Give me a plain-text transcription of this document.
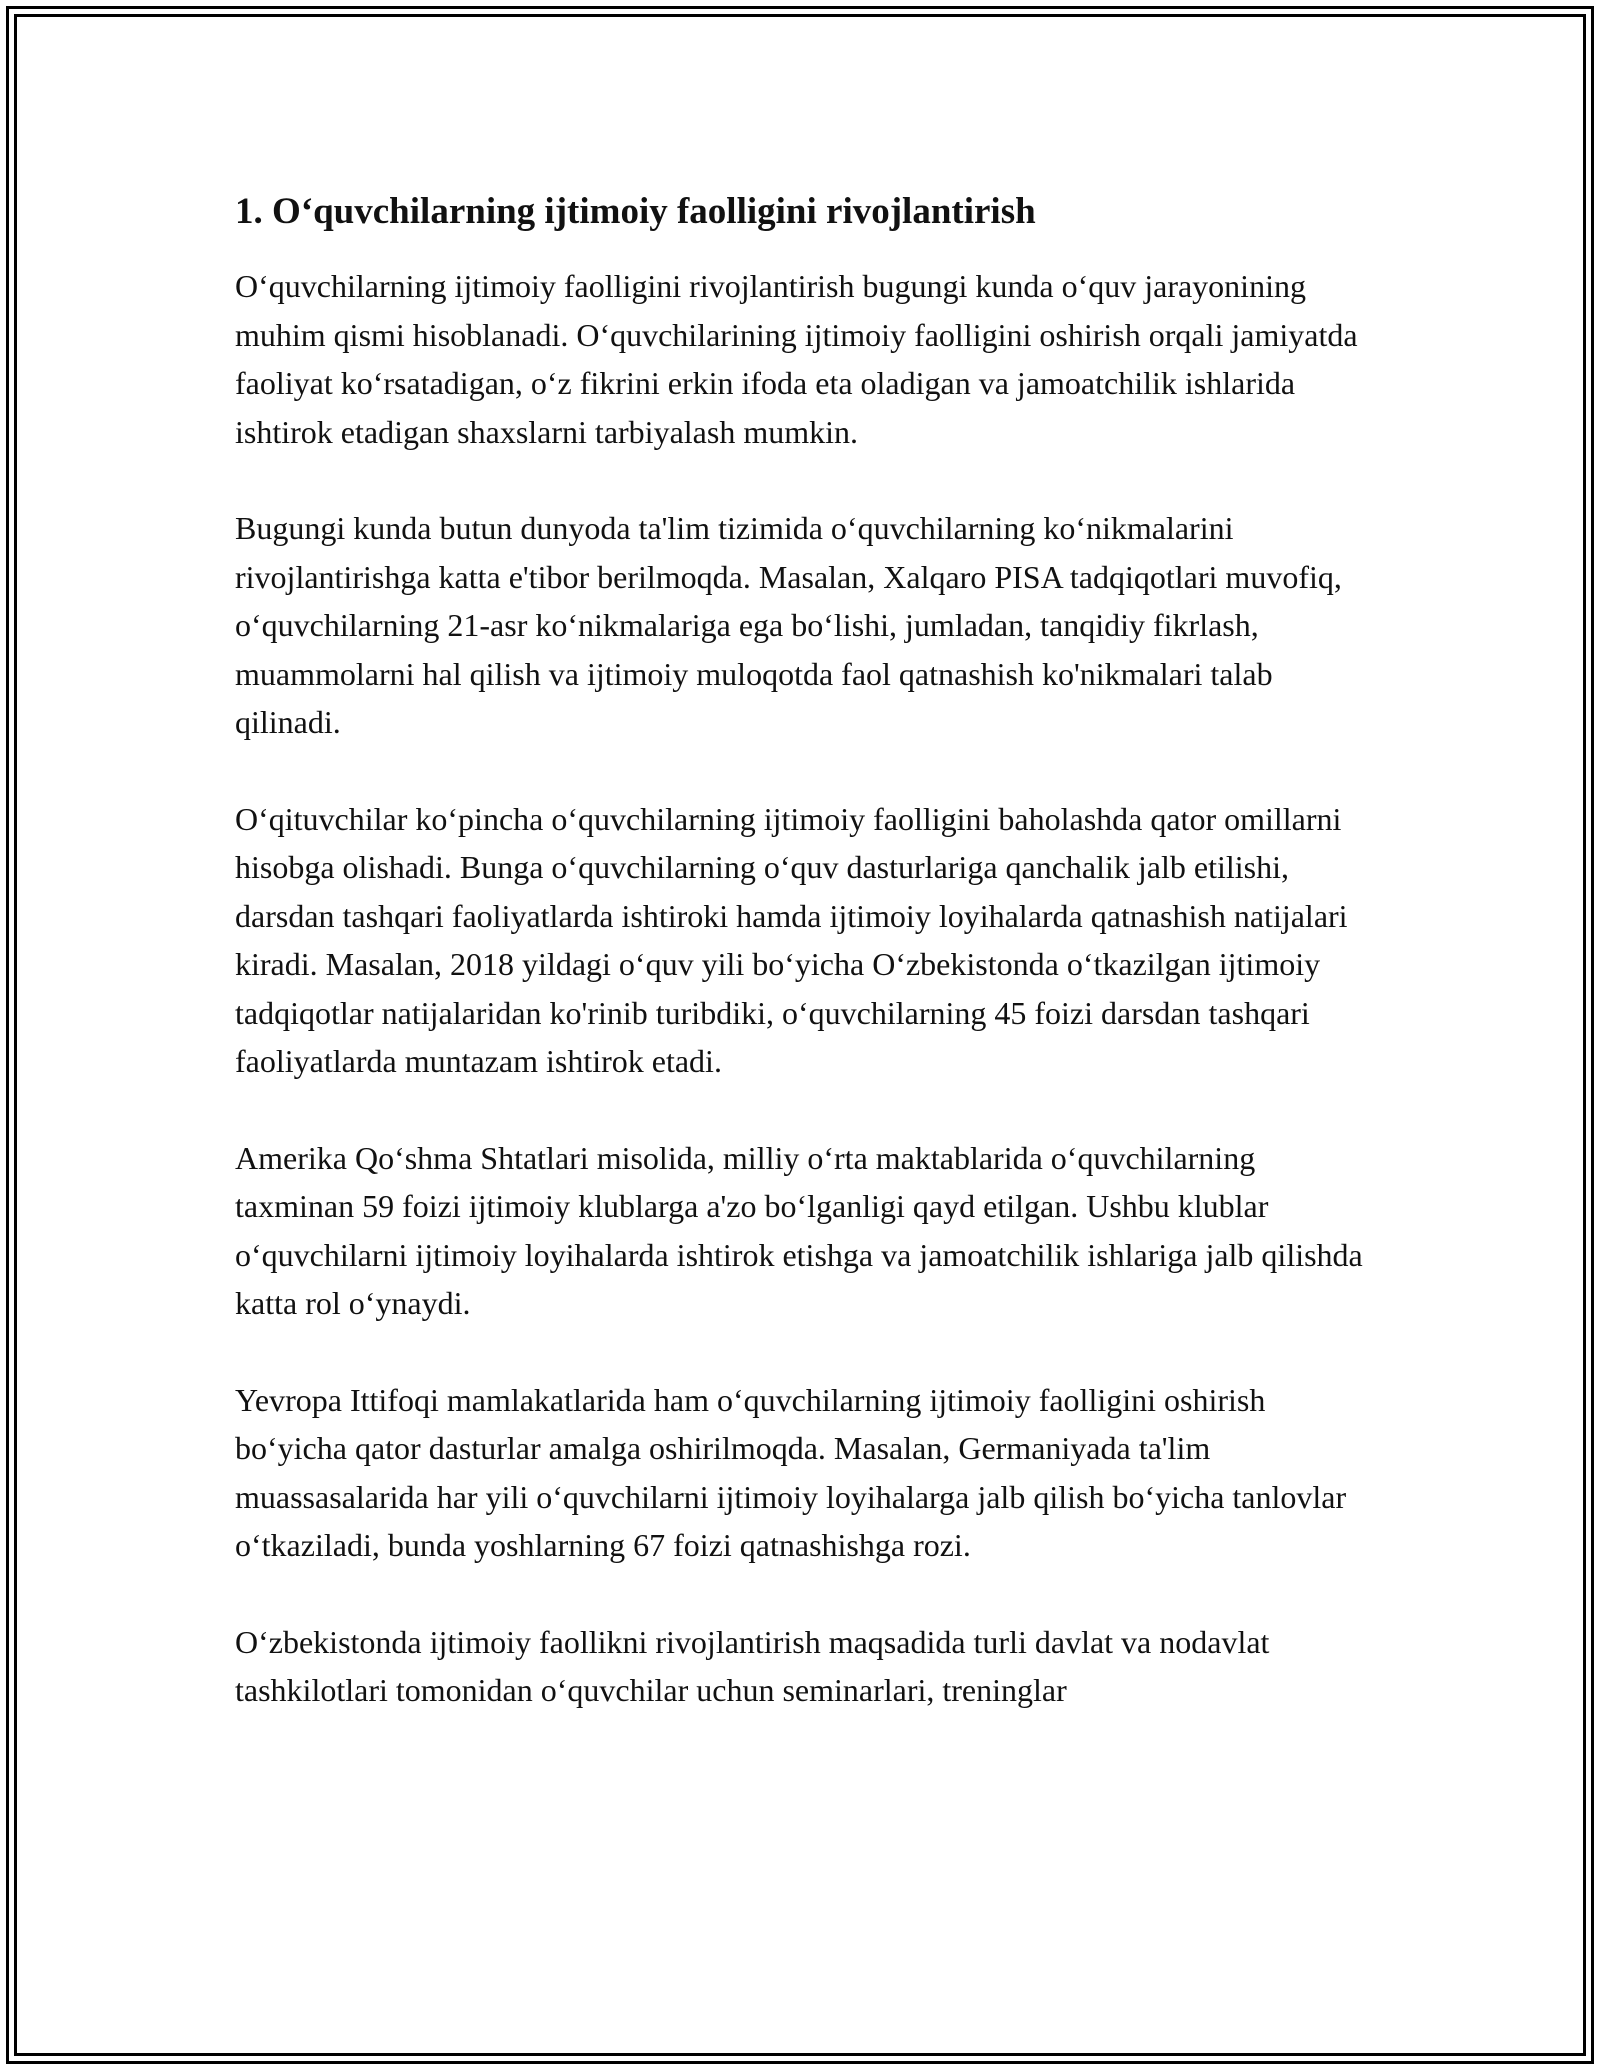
1. O‘quvchilarning ijtimoiy faolligini rivojlantirish

O‘quvchilarning ijtimoiy faolligini rivojlantirish bugungi kunda o‘quv jarayonining muhim qismi hisoblanadi. O‘quvchilarining ijtimoiy faolligini oshirish orqali jamiyatda faoliyat ko‘rsatadigan, o‘z fikrini erkin ifoda eta oladigan va jamoatchilik ishlarida ishtirok etadigan shaxslarni tarbiyalash mumkin.

Bugungi kunda butun dunyoda ta'lim tizimida o‘quvchilarning ko‘nikmalarini rivojlantirishga katta e'tibor berilmoqda. Masalan, Xalqaro PISA tadqiqotlari muvofiq, o‘quvchilarning 21-asr ko‘nikmalariga ega bo‘lishi, jumladan, tanqidiy fikrlash, muammolarni hal qilish va ijtimoiy muloqotda faol qatnashish ko'nikmalari talab qilinadi.

O‘qituvchilar ko‘pincha o‘quvchilarning ijtimoiy faolligini baholashda qator omillarni hisobga olishadi. Bunga o‘quvchilarning o‘quv dasturlariga qanchalik jalb etilishi, darsdan tashqari faoliyatlarda ishtiroki hamda ijtimoiy loyihalarda qatnashish natijalari kiradi. Masalan, 2018 yildagi o‘quv yili bo‘yicha O‘zbekistonda o‘tkazilgan ijtimoiy tadqiqotlar natijalaridan ko'rinib turibdiki, o‘quvchilarning 45 foizi darsdan tashqari faoliyatlarda muntazam ishtirok etadi.

Amerika Qo‘shma Shtatlari misolida, milliy o‘rta maktablarida o‘quvchilarning taxminan 59 foizi ijtimoiy klublarga a'zo bo‘lganligi qayd etilgan. Ushbu klublar o‘quvchilarni ijtimoiy loyihalarda ishtirok etishga va jamoatchilik ishlariga jalb qilishda katta rol o‘ynaydi.

Yevropa Ittifoqi mamlakatlarida ham o‘quvchilarning ijtimoiy faolligini oshirish bo‘yicha qator dasturlar amalga oshirilmoqda. Masalan, Germaniyada ta'lim muassasalarida har yili o‘quvchilarni ijtimoiy loyihalarga jalb qilish bo‘yicha tanlovlar o‘tkaziladi, bunda yoshlarning 67 foizi qatnashishga rozi.

O‘zbekistonda ijtimoiy faollikni rivojlantirish maqsadida turli davlat va nodavlat tashkilotlari tomonidan o‘quvchilar uchun seminarlari, treninglar
